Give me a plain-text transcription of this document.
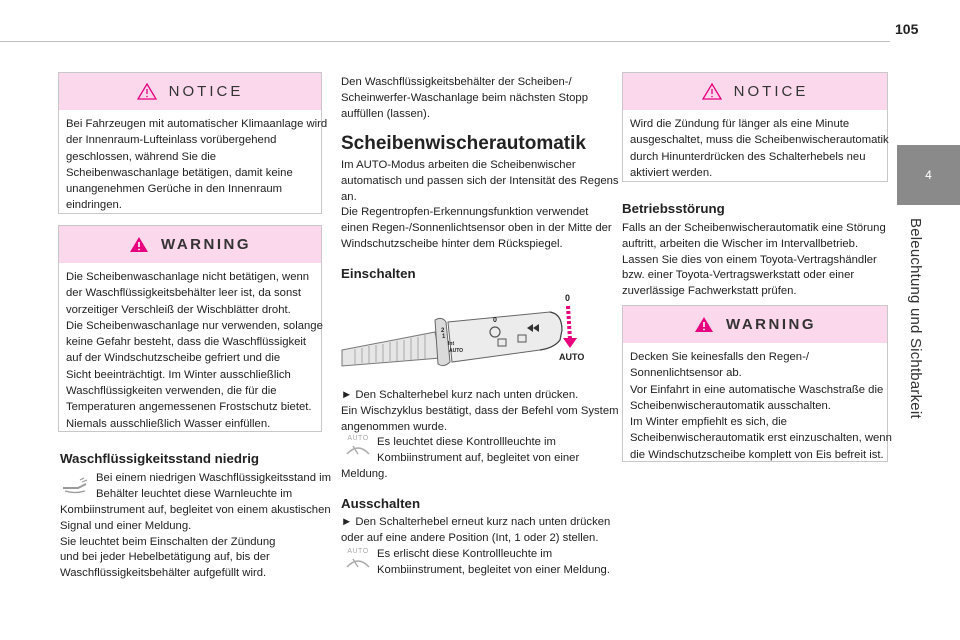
105
4
Beleuchtung und Sichtbarkeit
NOTICE
Bei Fahrzeugen mit automatischer Klimaanlage wird
der Innenraum-Lufteinlass vorübergehend
geschlossen, während Sie die
Scheibenwaschanlage betätigen, damit keine
unangenehmen Gerüche in den Innenraum
eindringen.
WARNING
Die Scheibenwaschanlage nicht betätigen, wenn
der Waschflüssigkeitsbehälter leer ist, da sonst
vorzeitiger Verschleiß der Wischblätter droht.
Die Scheibenwaschanlage nur verwenden, solange
keine Gefahr besteht, dass die Waschflüssigkeit
auf der Windschutzscheibe gefriert und die
Sicht beeinträchtigt. Im Winter ausschließlich
Waschflüssigkeiten verwenden, die für die
Temperaturen angemessenen Frostschutz bietet.
Niemals ausschließlich Wasser einfüllen.
Waschflüssigkeitsstand niedrig
Bei einem niedrigen Waschflüssigkeitsstand im
Behälter leuchtet diese Warnleuchte im
Kombiinstrument auf, begleitet von einem akustischen
Signal und einer Meldung.
Sie leuchtet beim Einschalten der Zündung
und bei jeder Hebelbetätigung auf, bis der
Waschflüssigkeitsbehälter aufgefüllt wird.
Den Waschflüssigkeitsbehälter der Scheiben-/
Scheinwerfer-Waschanlage beim nächsten Stopp
auffüllen (lassen).
Scheibenwischerautomatik
Im AUTO-Modus arbeiten die Scheibenwischer
automatisch und passen sich der Intensität des Regens
an.
Die Regentropfen-Erkennungsfunktion verwendet
einen Regen-/Sonnenlichtsensor oben in der Mitte der
Windschutzscheibe hinter dem Rückspiegel.
Einschalten
0
AUTO
AUTO
Int
2
1
0
► Den Schalterhebel kurz nach unten drücken.
Ein Wischzyklus bestätigt, dass der Befehl vom System
angenommen wurde.
AUTO Es leuchtet diese Kontrollleuchte im
Kombiinstrument auf, begleitet von einer
Meldung.
Ausschalten
► Den Schalterhebel erneut kurz nach unten drücken
oder auf eine andere Position (Int, 1 oder 2) stellen.
AUTO Es erlischt diese Kontrollleuchte im
Kombiinstrument, begleitet von einer Meldung.
NOTICE
Wird die Zündung für länger als eine Minute
ausgeschaltet, muss die Scheibenwischerautomatik
durch Hinunterdrücken des Schalterhebels neu
aktiviert werden.
Betriebsstörung
Falls an der Scheibenwischerautomatik eine Störung
auftritt, arbeiten die Wischer im Intervallbetrieb.
Lassen Sie dies von einem Toyota-Vertragshändler
bzw. einer Toyota-Vertragswerkstatt oder einer
zuverlässige Fachwerkstatt prüfen.
WARNING
Decken Sie keinesfalls den Regen-/
Sonnenlichtsensor ab.
Vor Einfahrt in eine automatische Waschstraße die
Scheibenwischerautomatik ausschalten.
Im Winter empfiehlt es sich, die
Scheibenwischerautomatik erst einzuschalten, wenn
die Windschutzscheibe komplett von Eis befreit ist.
